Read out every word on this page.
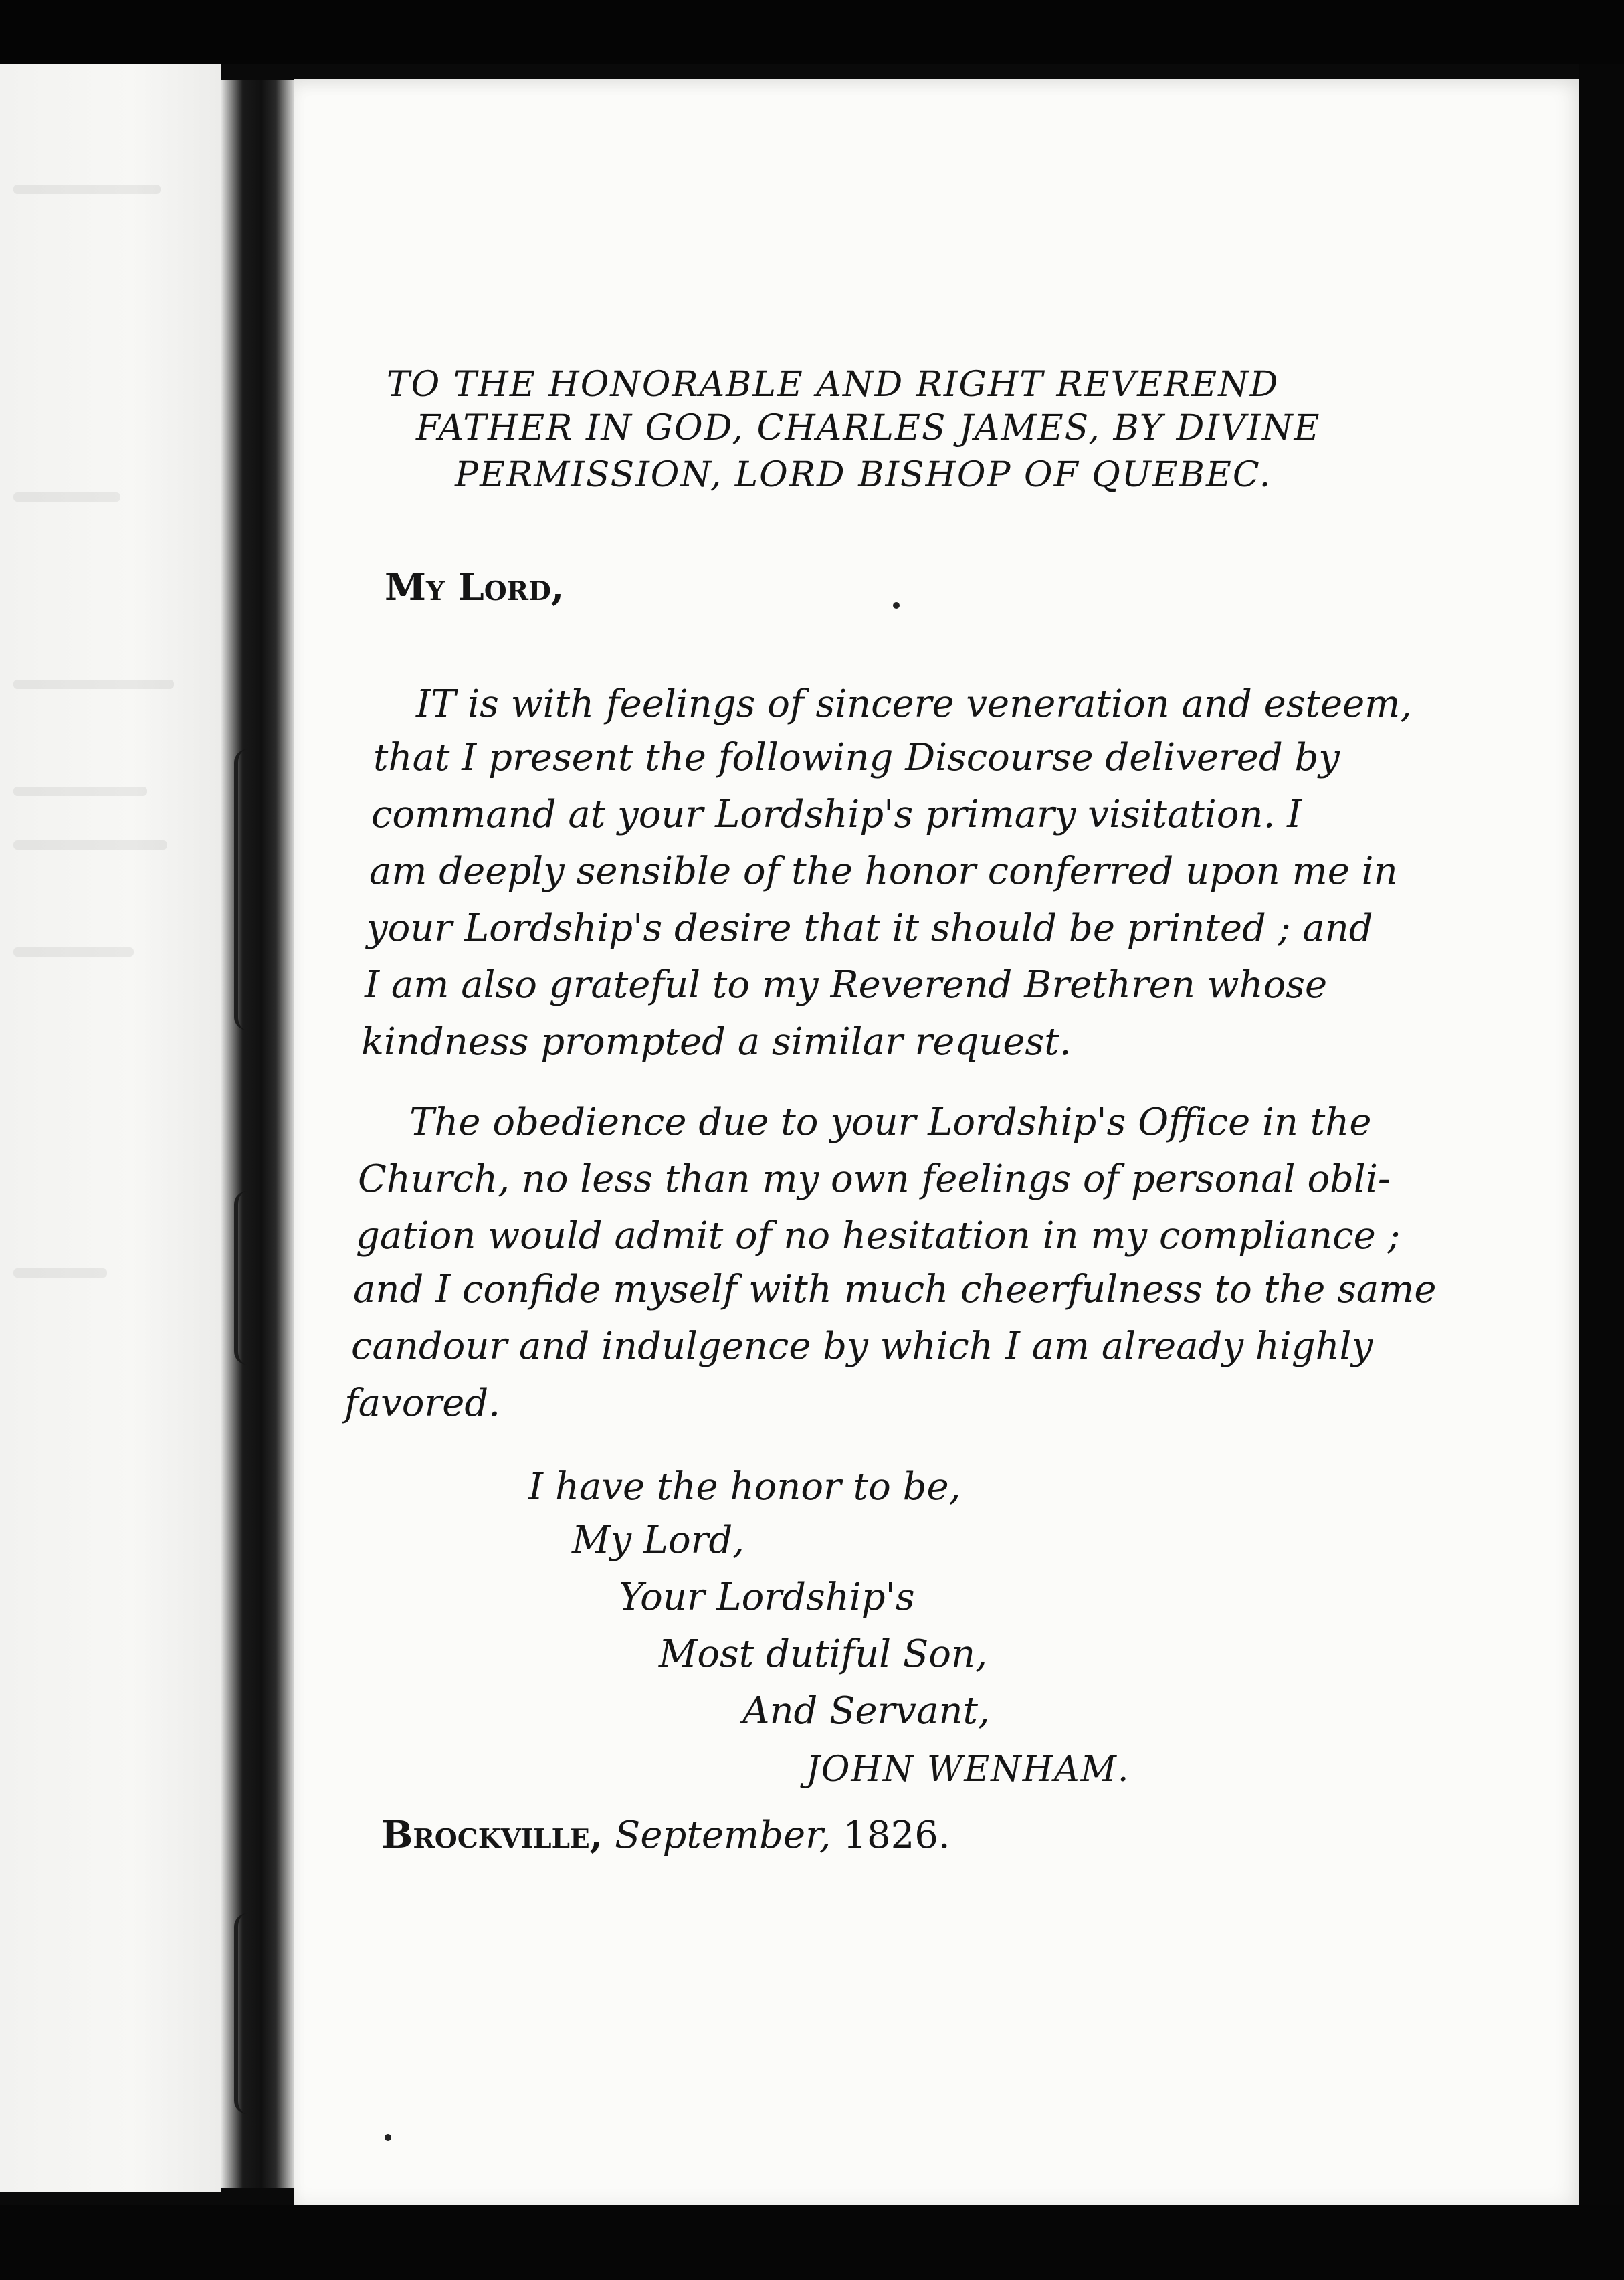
TO THE HONORABLE AND RIGHT REVEREND
FATHER IN GOD, CHARLES JAMES, BY DIVINE
PERMISSION, LORD BISHOP OF QUEBEC.
My Lord,
IT is with feelings of sincere veneration and esteem,
that I present the following Discourse delivered by
command at your Lordship's primary visitation. I
am deeply sensible of the honor conferred upon me in
your Lordship's desire that it should be printed ; and
I am also grateful to my Reverend Brethren whose
kindness prompted a similar request.
The obedience due to your Lordship's Office in the
Church, no less than my own feelings of personal obli-
gation would admit of no hesitation in my compliance ;
and I confide myself with much cheerfulness to the same
candour and indulgence by which I am already highly
favored.
I have the honor to be,
My Lord,
Your Lordship's
Most dutiful Son,
And Servant,
JOHN WENHAM.
Brockville, September, 1826.
